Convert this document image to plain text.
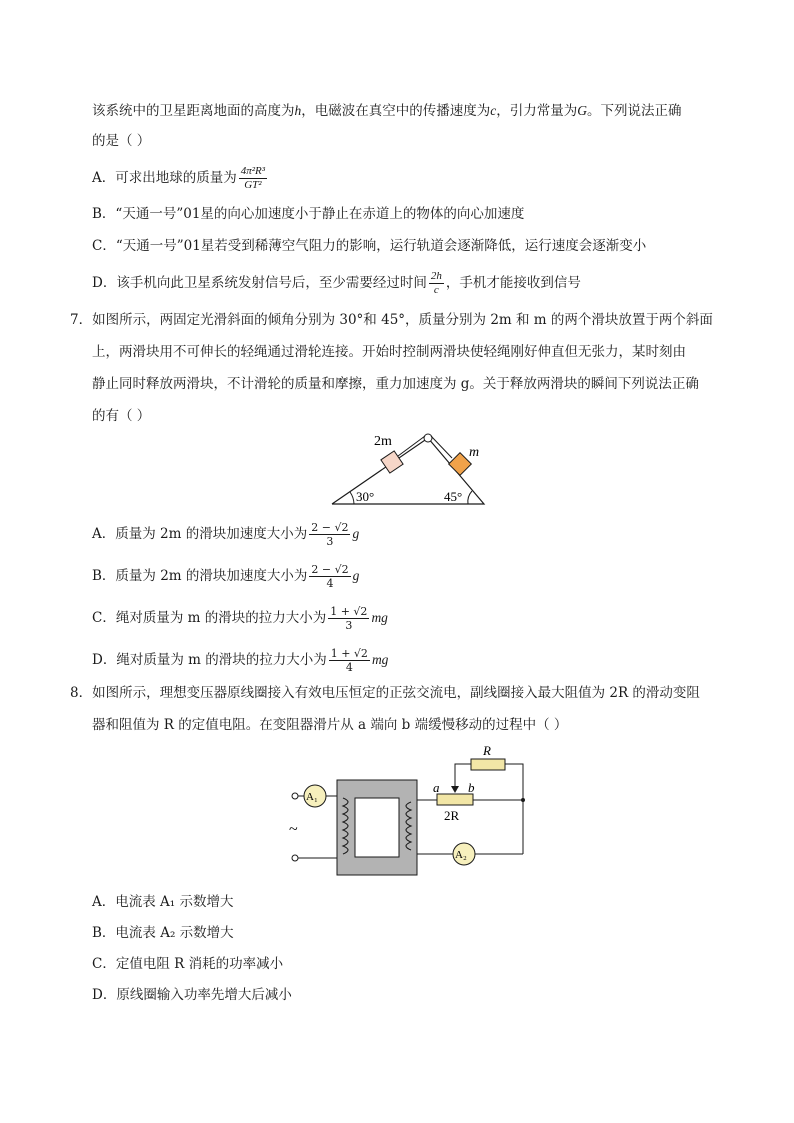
该系统中的卫星距离地面的高度为h，电磁波在真空中的传播速度为c，引力常量为G。下列说法正确
的是（ ）
A．可求出地球的质量为 $\frac{\text{4π²R³}}{\text{GT²}}$
B．“天通一号”01星的向心加速度小于静止在赤道上的物体的向心加速度
C．“天通一号”01星若受到稀薄空气阻力的影响，运行轨道会逐渐降低，运行速度会逐渐变小
D．该手机向此卫星系统发射信号后，至少需要经过时间 $\frac{2h}{c}$ ，手机才能接收到信号
7．如图所示，两固定光滑斜面的倾角分别为 30°和 45°，质量分别为 2m 和 m 的两个滑块放置于两个斜面
上，两滑块用不可伸长的轻绳通过滑轮连接。开始时控制两滑块使轻绳刚好伸直但无张力，某时刻由
静止同时释放两滑块，不计滑轮的质量和摩擦，重力加速度为 g。关于释放两滑块的瞬间下列说法正确
的有（ ）
2m
m
30°	45°
A．质量为 2m 的滑块加速度大小为 $\frac{2 - √2}{3}$ g
B．质量为 2m 的滑块加速度大小为 $\frac{2 - √2}{4}$ g
C．绳对质量为 m 的滑块的拉力大小为 $\frac{1 + √2}{3}$ mg
D．绳对质量为 m 的滑块的拉力大小为 $\frac{1 + √2}{4}$ mg
8．如图所示，理想变压器原线圈接入有效电压恒定的正弦交流电，副线圈接入最大阻值为 2R 的滑动变阻
器和阻值为 R 的定值电阻。在变阻器滑片从 a 端向 b 端缓慢移动的过程中（ ）
~
A₁
A₂
R
a b
2R
A．电流表 A₁ 示数增大
B．电流表 A₂ 示数增大
C．定值电阻 R 消耗的功率减小
D．原线圈输入功率先增大后减小
